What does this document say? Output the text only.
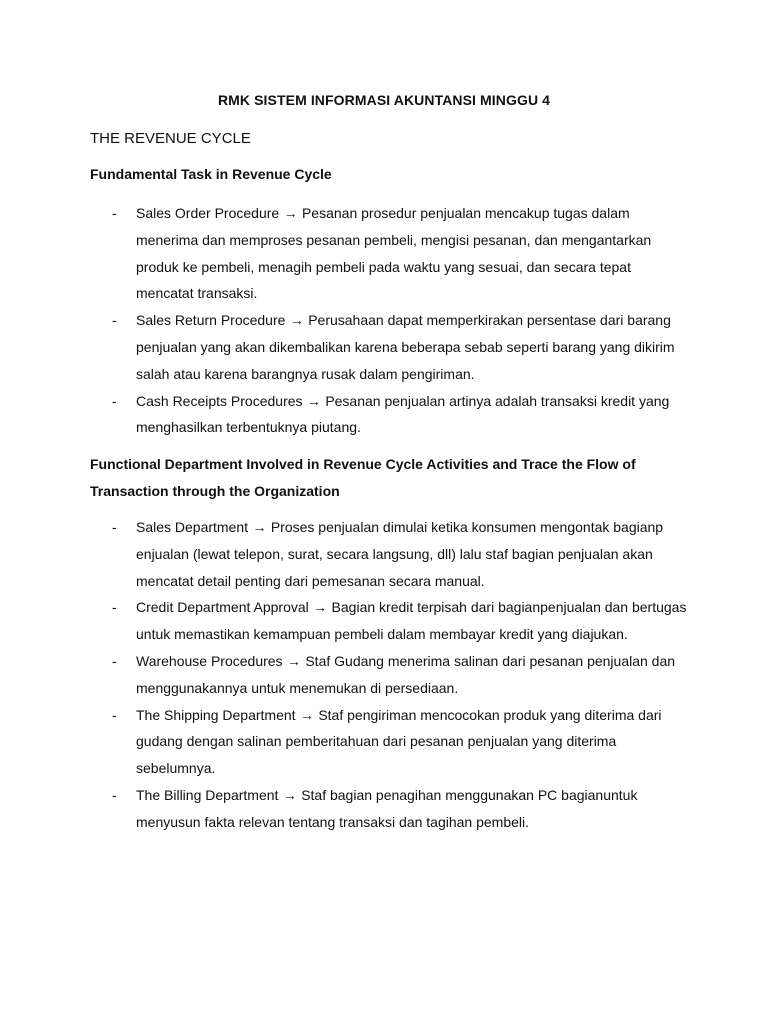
RMK SISTEM INFORMASI AKUNTANSI MINGGU 4
THE REVENUE CYCLE
Fundamental Task in Revenue Cycle
- Sales Order Procedure → Pesanan prosedur penjualan mencakup tugas dalam menerima dan memproses pesanan pembeli, mengisi pesanan, dan mengantarkan produk ke pembeli, menagih pembeli pada waktu yang sesuai, dan secara tepat mencatat transaksi.
- Sales Return Procedure → Perusahaan dapat memperkirakan persentase dari barang penjualan yang akan dikembalikan karena beberapa sebab seperti barang yang dikirim salah atau karena barangnya rusak dalam pengiriman.
- Cash Receipts Procedures → Pesanan penjualan artinya adalah transaksi kredit yang menghasilkan terbentuknya piutang.
Functional Department Involved in Revenue Cycle Activities and Trace the Flow of Transaction through the Organization
- Sales Department → Proses penjualan dimulai ketika konsumen mengontak bagianp enjualan (lewat telepon, surat, secara langsung, dll) lalu staf bagian penjualan akan mencatat detail penting dari pemesanan secara manual.
- Credit Department Approval → Bagian kredit terpisah dari bagianpenjualan dan bertugas untuk memastikan kemampuan pembeli dalam membayar kredit yang diajukan.
- Warehouse Procedures → Staf Gudang menerima salinan dari pesanan penjualan dan menggunakannya untuk menemukan di persediaan.
- The Shipping Department → Staf pengiriman mencocokan produk yang diterima dari gudang dengan salinan pemberitahuan dari pesanan penjualan yang diterima sebelumnya.
- The Billing Department → Staf bagian penagihan menggunakan PC bagianuntuk menyusun fakta relevan tentang transaksi dan tagihan pembeli.
